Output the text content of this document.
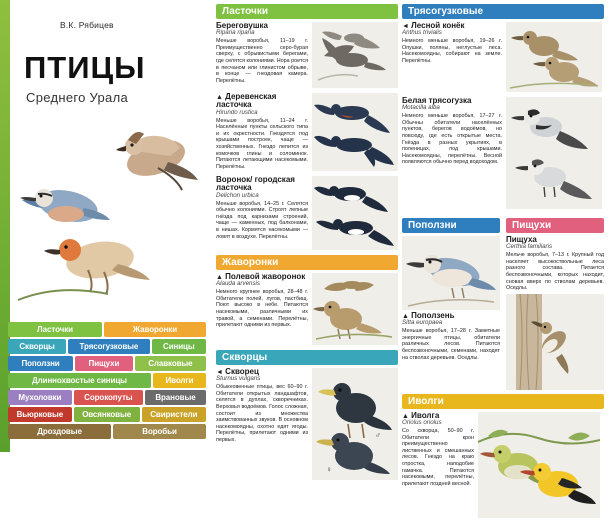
В.К. Рябицев
ПТИЦЫ
Среднего Урала
Ласточки	Жаворонки
Скворцы	Трясогузковые	Синицы
Поползни	Пищухи	Славковые
Длиннохвостые синицы	Иволги
Мухоловки	Сорокопуты	Врановые
Вьюрковые	Овсянковые	Свиристели
Дроздовые	Воробьи
Ласточки
Береговушка
Riparia riparia
Меньше воробья, 11–19 г. Преимущественно серо-бурая сверху, с обрывистыми берегами, где селятся колониями. Нора роется в песчаном или глинистом обрыве, в конце — гнездовая камера. Перелётны.
▲ Деревенская ласточка
Hirundo rustica
Меньше воробья, 11–24 г. Населённые пункты сельского типа и их окрестности. Гнездятся под крышами построек, чаще — хозяйственных. Гнездо лепится из комочков глины и соломинок. Питаются летающими насекомыми. Перелётны.
Воронок/ городская ласточка
Delichon urbica
Меньше воробья, 14–25 г. Селятся обычно колониями. Строят лепные гнёзда под карнизами строений, чаще — каменных, под балконами, в нишах. Кормятся насекомыми — ловят в воздухе. Перелётны.
Жаворонки
▲ Полевой жаворонок
Alauda arvensis
Немного крупнее воробья, 28–48 г. Обитатели полей, лугов, пастбищ. Поют высоко в небе. Питаются насекомыми, различными их травой, а семенами. Перелётны, прилетают одними из первых.
Скворцы
◄ Скворец
Sturnus vulgaris
Обыкновенные птицы, вес 60–90 г. Обитатели открытых ландшафтов, селятся в дуплах, скворечниках. Верховья водоёмов. Голос сложная, состоит из множества заимствованных звуков. В основном насекомоядны, охотно едят ягоды. Перелётны, прилетают одними из первых.	♂
♀
Трясогузковые
◄ Лесной конёк
Anthus trivialis
Немного меньше воробья, 19–26 г. Опушки, поляны, неглустые леса. Насекомоядны, собирают на земле. Перелётны.
Белая трясогузка
Motacilla alba
Немного меньше воробья, 17–27 г. Обычны обитатели населённых пунктов, берегов водоёмов, но повсюду, где есть открытые места. Гнёзда в разных укрытиях, в поленицах, под крышами. Насекомоядны, перелётны. Весной появляются обычно перед водоходом.
Поползни	Пищухи
▲ Поползень
Sitta europaea
Меньше воробья, 17–28 г. Заметные энергичные птицы, обитатели различных лесов. Питаются беспозвоночными, семенами, находят на стволах деревьев. Оседлы.
Пищуха
Certhia familiaris
Мельче воробья, 7–13 г. Крупный год населяет высокоствольные леса разного состава. Питается беспозвоночными, которых находит, сновая вверх по стволам деревьев. Оседлы.
Иволги
▲ Иволга
Oriolus oriolus
Со скворца, 50–90 г. Обитатели крон преимущественно лиственных и смешанных лесов. Гнездо на краю отростка, наподобие гамачка. Питаются насекомыми, перелётны, прилетают поздней весной.
